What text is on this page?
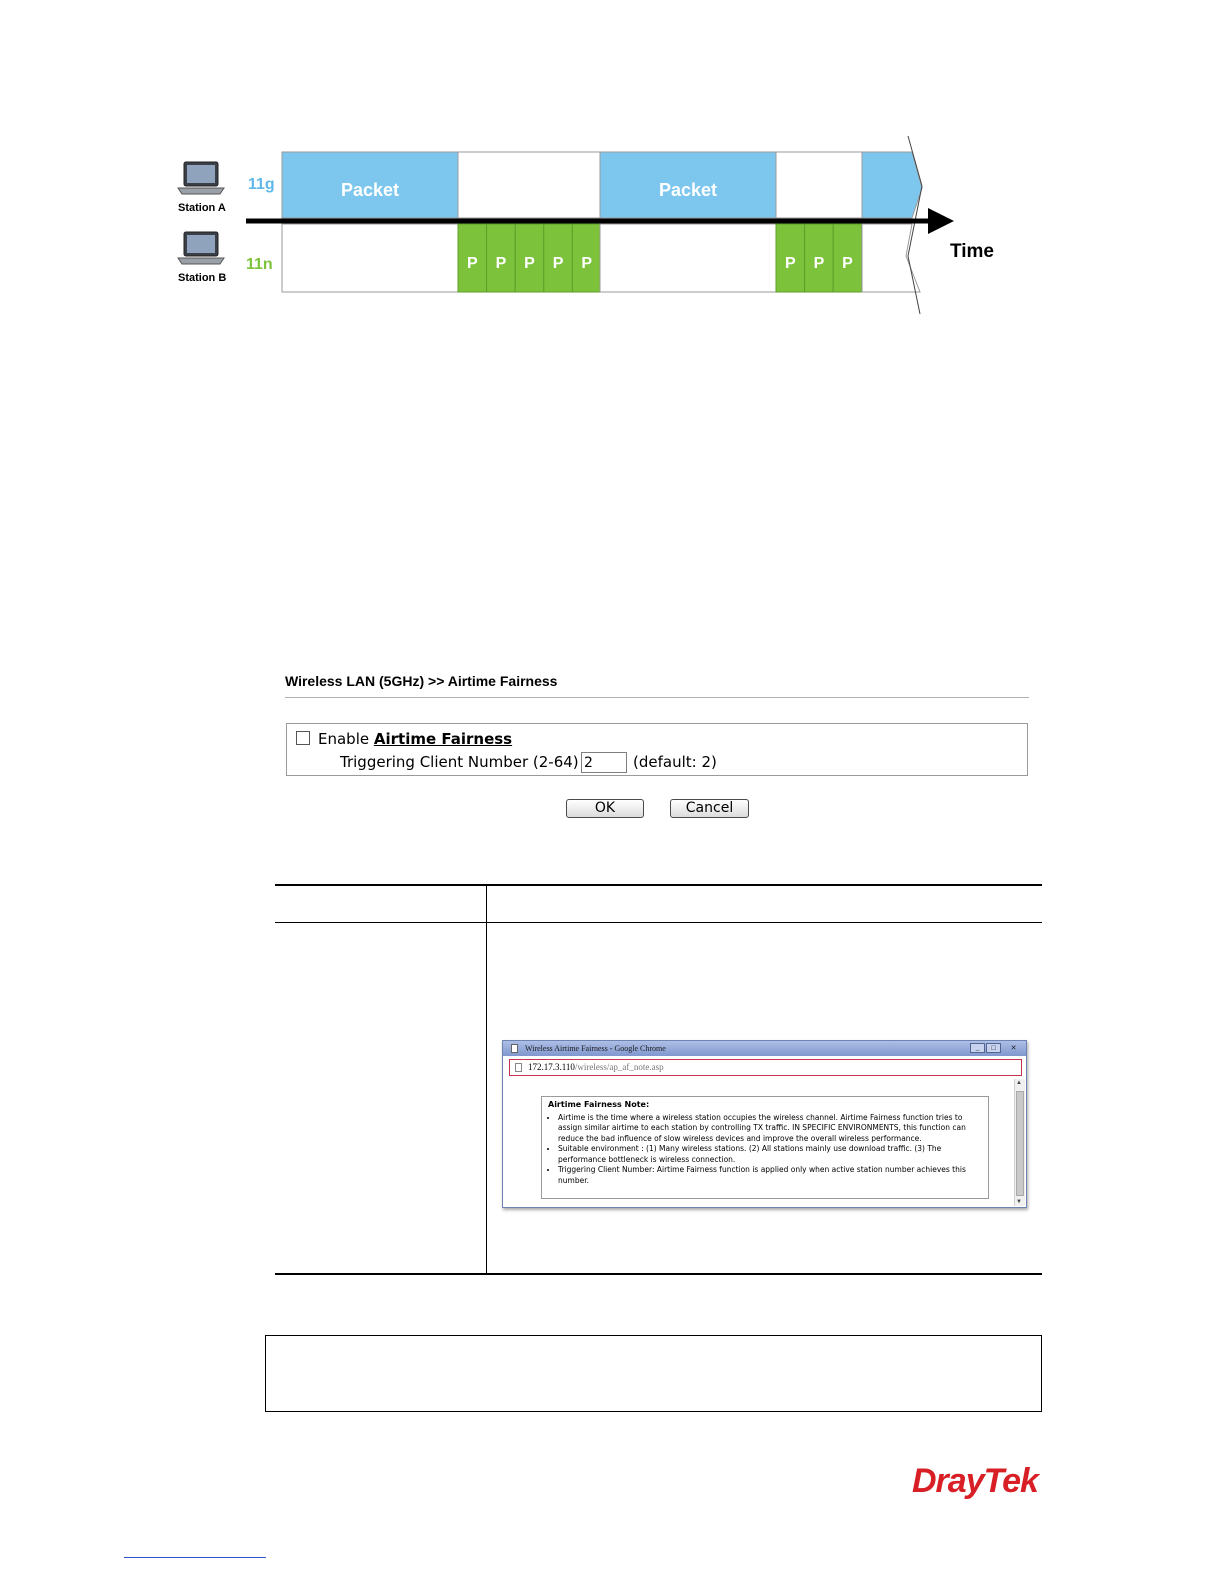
Station A
Station B
11g
11n
Packet	Packet
P P P P P	P P P
Time
Wireless LAN (5GHz) >> Airtime Fairness
Enable Airtime Fairness
Triggering Client Number (2-64)
2	(default: 2)
OK	Cancel
Wireless Airtime Fairness - Google Chrome	_	□	✕
172.17.3.110/wireless/ap_af_note.asp
Airtime Fairness Note:
• Airtime is the time where a wireless station occupies the wireless channel. Airtime Fairness function tries to assign similar airtime to each station by controlling TX traffic. IN SPECIFIC ENVIRONMENTS, this function can reduce the bad influence of slow wireless devices and improve the overall wireless performance.
• Suitable environment : (1) Many wireless stations. (2) All stations mainly use download traffic. (3) The performance bottleneck is wireless connection.
• Triggering Client Number: Airtime Fairness function is applied only when active station number achieves this number.
▲
▼
DrayTek
